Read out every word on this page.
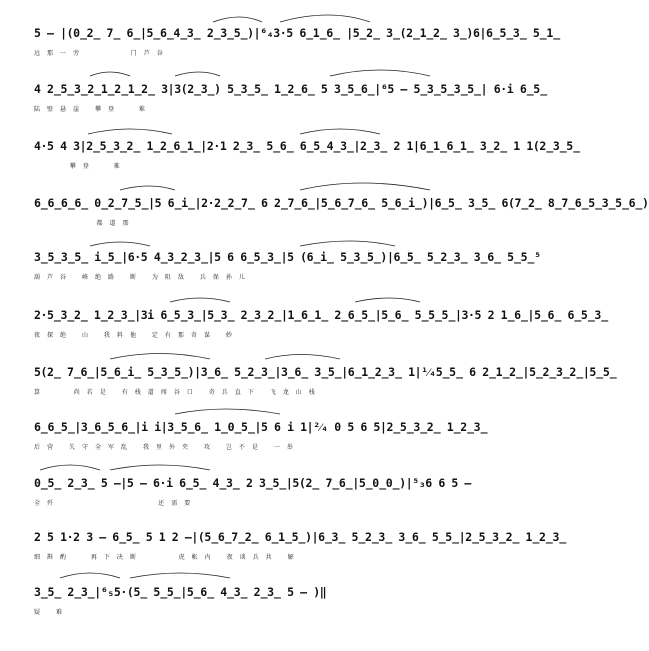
5 – |(0̲2̲ 7̲ 6̲|5̲6̲4̲3̲ 2̲3̲5̲)|⁶₄3·5 6̲1̲6̲ |5̲2̲ 3̲(2̲1̲2̲ 3̲)6|6̲5̲3̲ 5̲1̲
远 那 一 旁	门 芦 谷
4 2̲5̲3̲2̲1̲2̲1̲2̲ 3|3(2̲3̲) 5̲3̲5̲ 1̲2̲6̲ 5 3̲5̲6̲|⁶5 – 5̲3̲5̲3̲5̲| 6·i 6̲5̲
陆 壁 悬 崖 攀 登	难
4·5 4 3|2̲5̲3̲2̲ 1̲2̲6̲1̲|2·1 2̲3̲ 5̲6̲ 6̲5̲4̲3̲|2̲3̲ 2 1|6̲1̲6̲1̲ 3̲2̲ 1 1(2̲3̲5̲
攀 登	难
6̲6̲6̲6̲ 0̲2̲7̲5̲|5 6̲i̲|2·2̲2̲7̲ 6 2̲7̲6̲|5̲6̲7̲6̲ 5̲6̲i̲)|6̲5̲ 3̲5̲ 6(7̲2̲ 8̲7̲6̲5̲3̲5̲6̲)
都 道 那
3̲5̲3̲5̲ i̲5̲|6·5 4̲3̲2̲3̲|5 6 6̲5̲3̲|5 (6̲i̲ 5̲3̲5̲)|6̲5̲ 5̲2̲3̲ 3̲6̲ 5̲5̲⁵
葫 芦 谷 峰 绝 路 断 为 阻 敌 兵 保 孙 儿
2·5̲3̲2̲ 1̲2̲3̲|3i 6̲5̲3̲|5̲3̲ 2̲3̲2̲|1̲6̲1̲ 2̲6̲5̲|5̲6̲ 5̲5̲5̲|3·5 2 1̲6̲|5̲6̲ 6̲5̲3̲
夜 探 绝 山 我 料 他 定 有 那 奇 谋 妙
5(2̲ 7̲6̲|5̲6̲i̲ 5̲3̲5̲)|3̲6̲ 5̲2̲3̲|3̲6̲ 3̲5̲|6̲1̲2̲3̲ 1|¹⁄₄5̲5̲ 6 2̲1̲2̲|5̲2̲3̲2̲|5̲5̲
算	尚 若 是 有 栈 道 闯 谷 口 奇 兵 直 下 飞 龙 山 栈
6̲6̲5̲|3̲6̲5̲6̲|i i|3̲5̲6̲ 1̲0̲5̲|5 6 i 1|²⁄₄ 0 5 6 5|2̲5̲3̲2̲ 1̲2̲3̲
后 营 失 守 全 军 乱 我 里 外 夹 攻 岂 不 是 一 举
0̲5̲ 2̲3̲ 5 –|5 – 6·i 6̲5̲ 4̲3̲ 2 3̲5̲|5(2̲ 7̲6̲|5̲0̲0̲)|⁵₃6 6 5 –
全 歼	还 需 要
2 5 1·2 3 – 6̲5̲ 5 1 2 –|(5̲6̲7̲2̲ 6̲1̲5̲)|6̲3̲ 5̲2̲3̲ 3̲6̲ 5̲5̲|2̲5̲3̲2̲ 1̲2̲3̲
细 斟 酌	再 下 决 断	虎 帐 内 夜 谈 兵 共 解
3̲5̲ 2̲3̲|⁶₅5·(5̲ 5̲5̲|5̲6̲ 4̲3̲ 2̲3̲ 5 – )‖
疑 难
